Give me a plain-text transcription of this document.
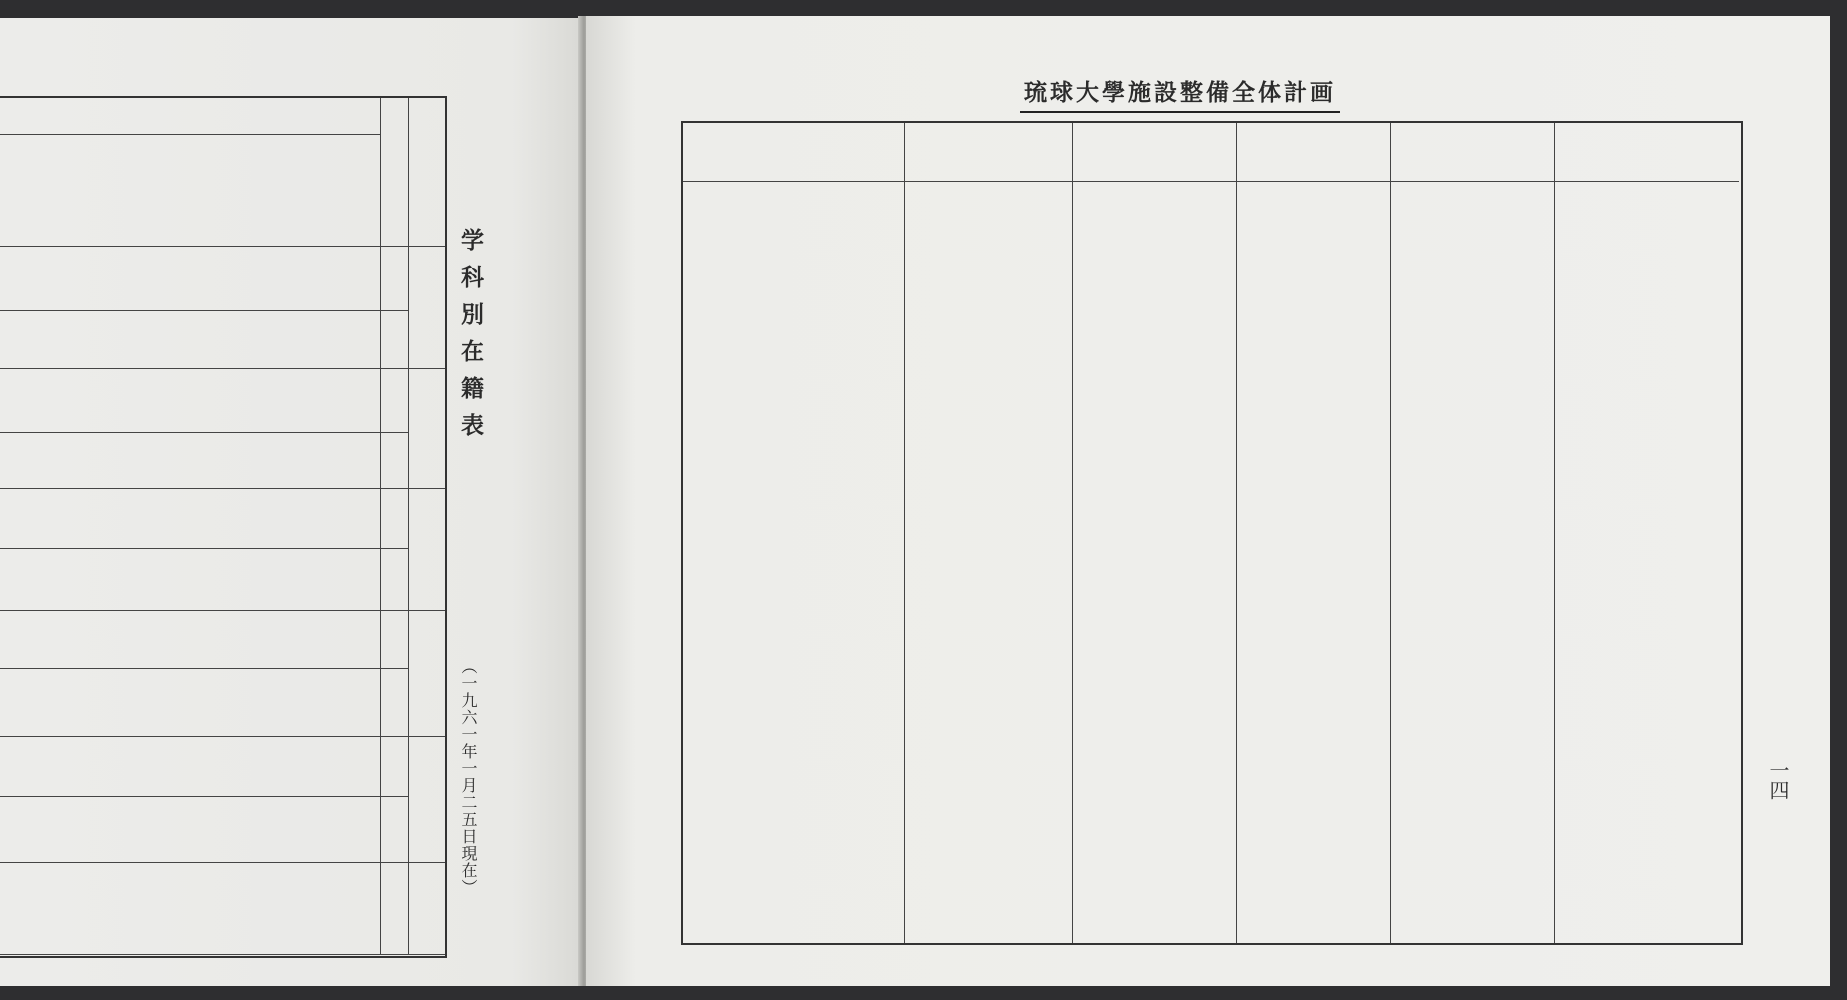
学科別在籍表
（一九六一年一月二五日現在）
琉球大學施設整備全体計画
一四
